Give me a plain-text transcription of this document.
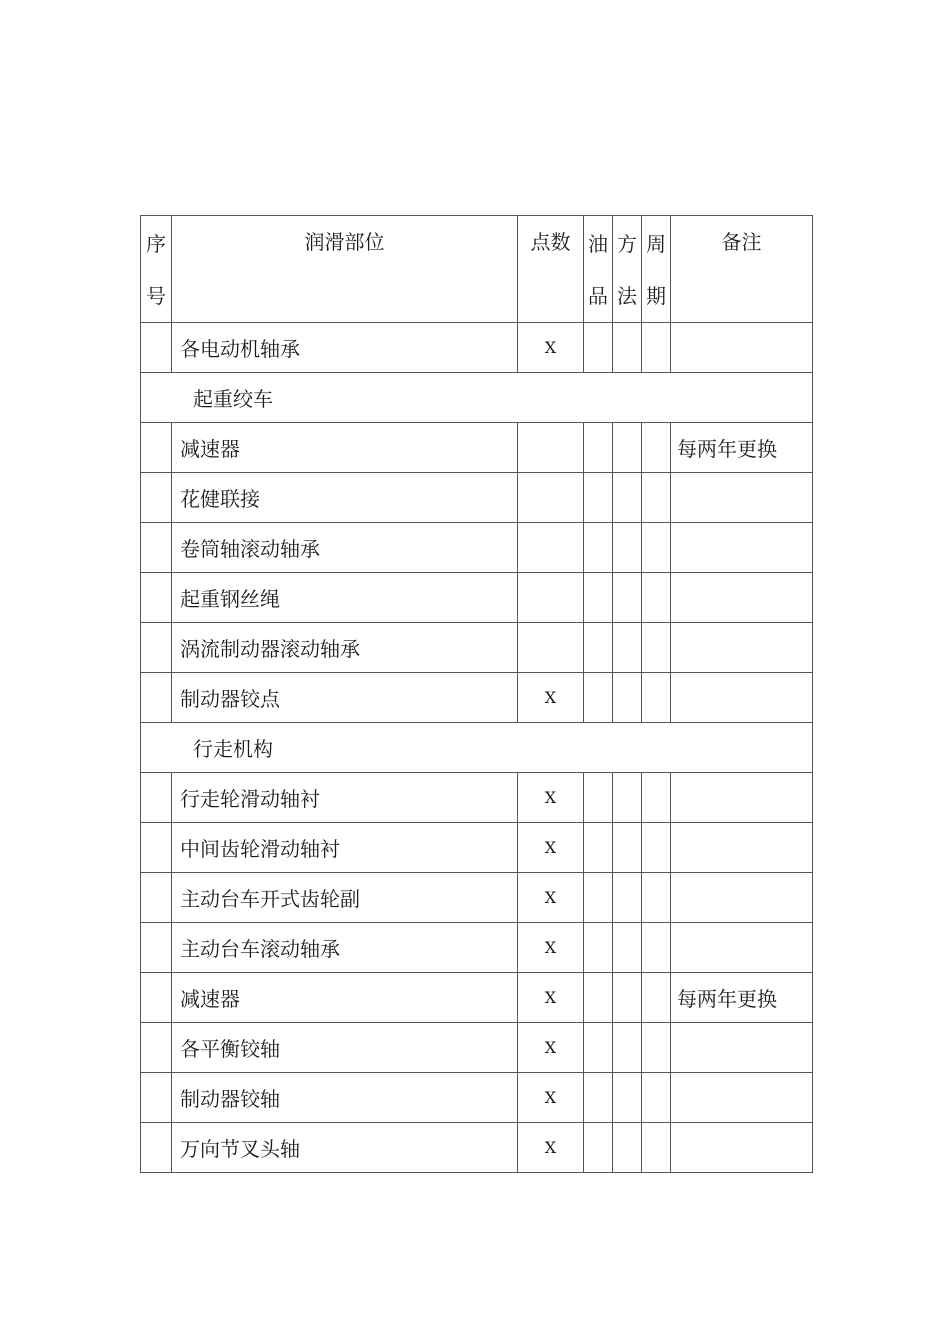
序号	润滑部位	点数	油品	方法	周期	备注

	各电动机轴承	X				
起重绞车						
	减速器					每两年更换
	花健联接					
	卷筒轴滚动轴承					
	起重钢丝绳					
	涡流制动器滚动轴承					
	制动器铰点	X				
行走机构						
	行走轮滑动轴衬	X				
	中间齿轮滑动轴衬	X				
	主动台车开式齿轮副	X				
	主动台车滚动轴承	X				
	减速器	X				每两年更换
	各平衡铰轴	X				
	制动器铰轴	X				
	万向节叉头轴	X				
